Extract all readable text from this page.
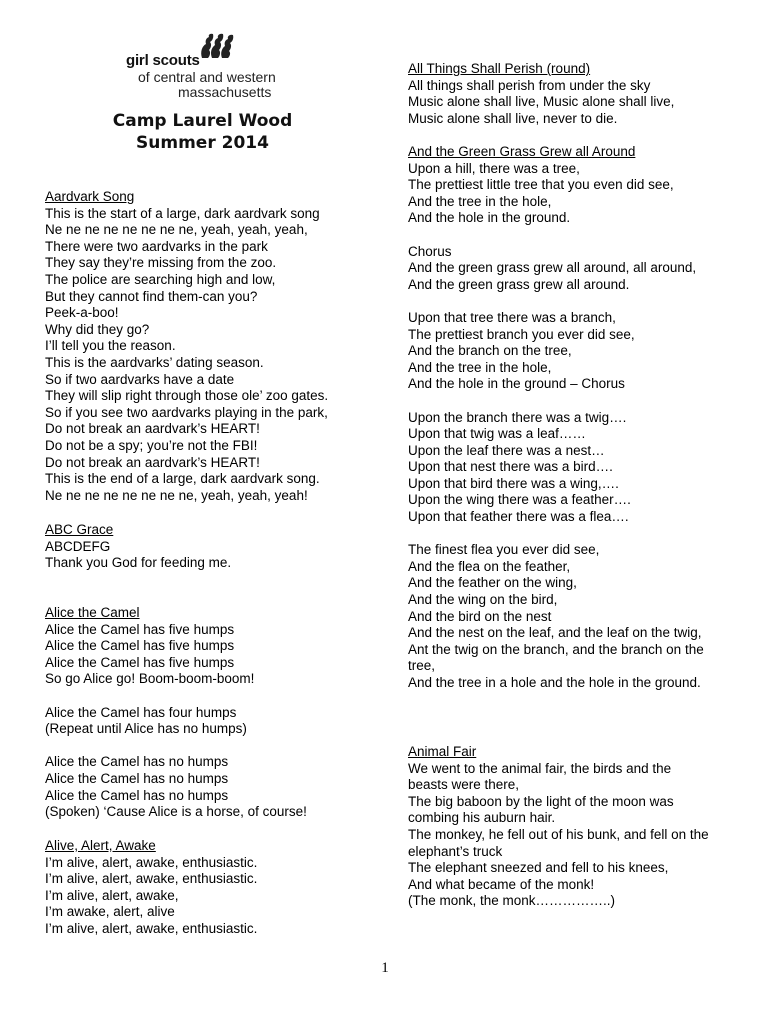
girl scouts
of central and western
massachusetts
Camp Laurel Wood
Summer 2014
Aardvark Song
This is the start of a large, dark aardvark song
Ne ne ne ne ne ne ne ne, yeah, yeah, yeah,
There were two aardvarks in the park
They say they’re missing from the zoo.
The police are searching high and low,
But they cannot find them-can you?
Peek-a-boo!
Why did they go?
I’ll tell you the reason.
This is the aardvarks’ dating season.
So if two aardvarks have a date
They will slip right through those ole’ zoo gates.
So if you see two aardvarks playing in the park,
Do not break an aardvark’s HEART!
Do not be a spy; you’re not the FBI!
Do not break an aardvark’s HEART!
This is the end of a large, dark aardvark song.
Ne ne ne ne ne ne ne ne, yeah, yeah, yeah!
ABC Grace
ABCDEFG
Thank you God for feeding me.
Alice the Camel
Alice the Camel has five humps
Alice the Camel has five humps
Alice the Camel has five humps
So go Alice go! Boom-boom-boom!
Alice the Camel has four humps
(Repeat until Alice has no humps)
Alice the Camel has no humps
Alice the Camel has no humps
Alice the Camel has no humps
(Spoken) ‘Cause Alice is a horse, of course!
Alive, Alert, Awake
I’m alive, alert, awake, enthusiastic.
I’m alive, alert, awake, enthusiastic.
I’m alive, alert, awake,
I’m awake, alert, alive
I’m alive, alert, awake, enthusiastic.
All Things Shall Perish (round)
All things shall perish from under the sky
Music alone shall live, Music alone shall live,
Music alone shall live, never to die.
And the Green Grass Grew all Around
Upon a hill, there was a tree,
The prettiest little tree that you even did see,
And the tree in the hole,
And the hole in the ground.
Chorus
And the green grass grew all around, all around,
And the green grass grew all around.
Upon that tree there was a branch,
The prettiest branch you ever did see,
And the branch on the tree,
And the tree in the hole,
And the hole in the ground – Chorus
Upon the branch there was a twig….
Upon that twig was a leaf……
Upon the leaf there was a nest…
Upon that nest there was a bird….
Upon that bird there was a wing,….
Upon the wing there was a feather….
Upon that feather there was a flea….
The finest flea you ever did see,
And the flea on the feather,
And the feather on the wing,
And the wing on the bird,
And the bird on the nest
And the nest on the leaf, and the leaf on the twig,
Ant the twig on the branch, and the branch on the
tree,
And the tree in a hole and the hole in the ground.
Animal Fair
We went to the animal fair, the birds and the
beasts were there,
The big baboon by the light of the moon was
combing his auburn hair.
The monkey, he fell out of his bunk, and fell on the
elephant’s truck
The elephant sneezed and fell to his knees,
And what became of the monk!
(The monk, the monk……………..)
1
